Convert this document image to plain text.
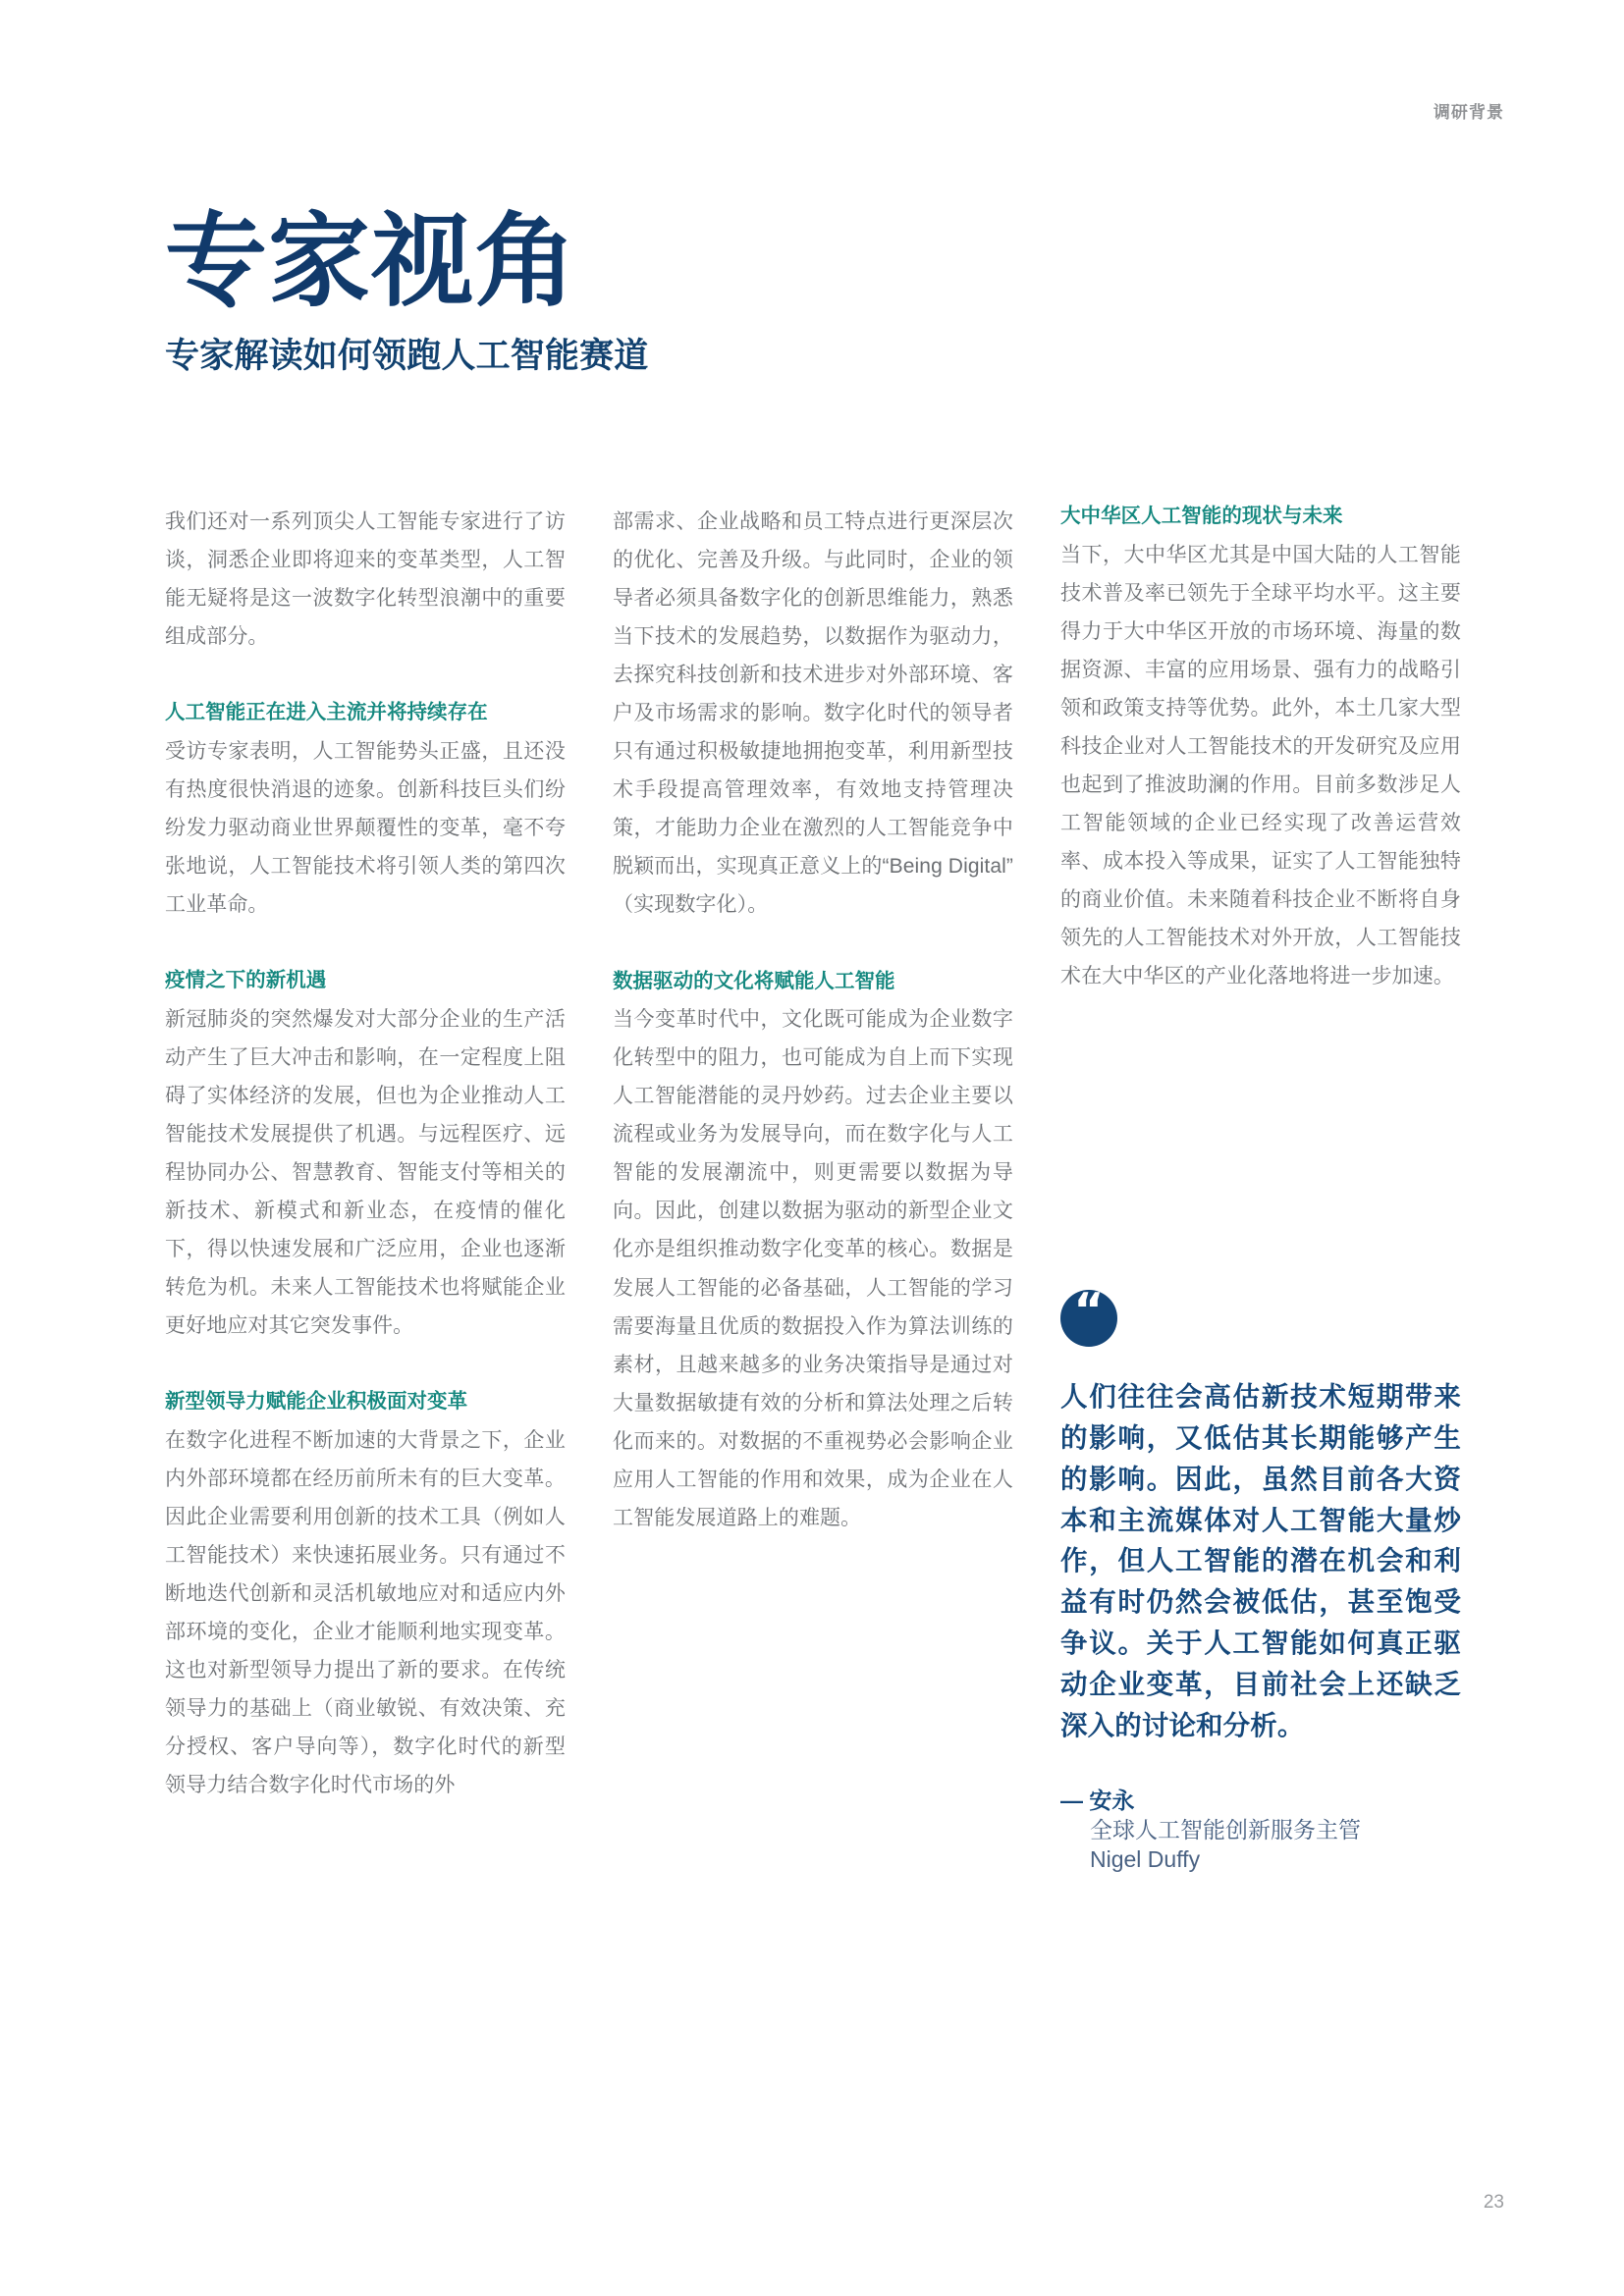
调研背景
专家视角
专家解读如何领跑人工智能赛道

我们还对一系列顶尖人工智能专家进行了访谈，洞悉企业即将迎来的变革类型，人工智能无疑将是这一波数字化转型浪潮中的重要组成部分。

人工智能正在进入主流并将持续存在

受访专家表明，人工智能势头正盛，且还没有热度很快消退的迹象。创新科技巨头们纷纷发力驱动商业世界颠覆性的变革，毫不夸张地说，人工智能技术将引领人类的第四次工业革命。

疫情之下的新机遇

新冠肺炎的突然爆发对大部分企业的生产活动产生了巨大冲击和影响，在一定程度上阻碍了实体经济的发展，但也为企业推动人工智能技术发展提供了机遇。与远程医疗、远程协同办公、智慧教育、智能支付等相关的新技术、新模式和新业态，在疫情的催化下，得以快速发展和广泛应用，企业也逐渐转危为机。未来人工智能技术也将赋能企业更好地应对其它突发事件。

新型领导力赋能企业积极面对变革

在数字化进程不断加速的大背景之下，企业内外部环境都在经历前所未有的巨大变革。因此企业需要利用创新的技术工具（例如人工智能技术）来快速拓展业务。只有通过不断地迭代创新和灵活机敏地应对和适应内外部环境的变化，企业才能顺利地实现变革。这也对新型领导力提出了新的要求。在传统领导力的基础上（商业敏锐、有效决策、充分授权、客户导向等），数字化时代的新型领导力结合数字化时代市场的外

部需求、企业战略和员工特点进行更深层次的优化、完善及升级。与此同时，企业的领导者必须具备数字化的创新思维能力，熟悉当下技术的发展趋势，以数据作为驱动力，去探究科技创新和技术进步对外部环境、客户及市场需求的影响。数字化时代的领导者只有通过积极敏捷地拥抱变革，利用新型技术手段提高管理效率，有效地支持管理决策，才能助力企业在激烈的人工智能竞争中脱颖而出，实现真正意义上的“Being Digital”（实现数字化）。

数据驱动的文化将赋能人工智能

当今变革时代中，文化既可能成为企业数字化转型中的阻力，也可能成为自上而下实现人工智能潜能的灵丹妙药。过去企业主要以流程或业务为发展导向，而在数字化与人工智能的发展潮流中，则更需要以数据为导向。因此，创建以数据为驱动的新型企业文化亦是组织推动数字化变革的核心。数据是发展人工智能的必备基础，人工智能的学习需要海量且优质的数据投入作为算法训练的素材，且越来越多的业务决策指导是通过对大量数据敏捷有效的分析和算法处理之后转化而来的。对数据的不重视势必会影响企业应用人工智能的作用和效果，成为企业在人工智能发展道路上的难题。

大中华区人工智能的现状与未来

当下，大中华区尤其是中国大陆的人工智能技术普及率已领先于全球平均水平。这主要得力于大中华区开放的市场环境、海量的数据资源、丰富的应用场景、强有力的战略引领和政策支持等优势。此外，本土几家大型科技企业对人工智能技术的开发研究及应用也起到了推波助澜的作用。目前多数涉足人工智能领域的企业已经实现了改善运营效率、成本投入等成果，证实了人工智能独特的商业价值。未来随着科技企业不断将自身领先的人工智能技术对外开放，人工智能技术在大中华区的产业化落地将进一步加速。

“

人们往往会高估新技术短期带来的影响，又低估其长期能够产生的影响。因此，虽然目前各大资本和主流媒体对人工智能大量炒作，但人工智能的潜在机会和利益有时仍然会被低估，甚至饱受争议。关于人工智能如何真正驱动企业变革，目前社会上还缺乏深入的讨论和分析。

— 安永
全球人工智能创新服务主管
Nigel Duffy
23
